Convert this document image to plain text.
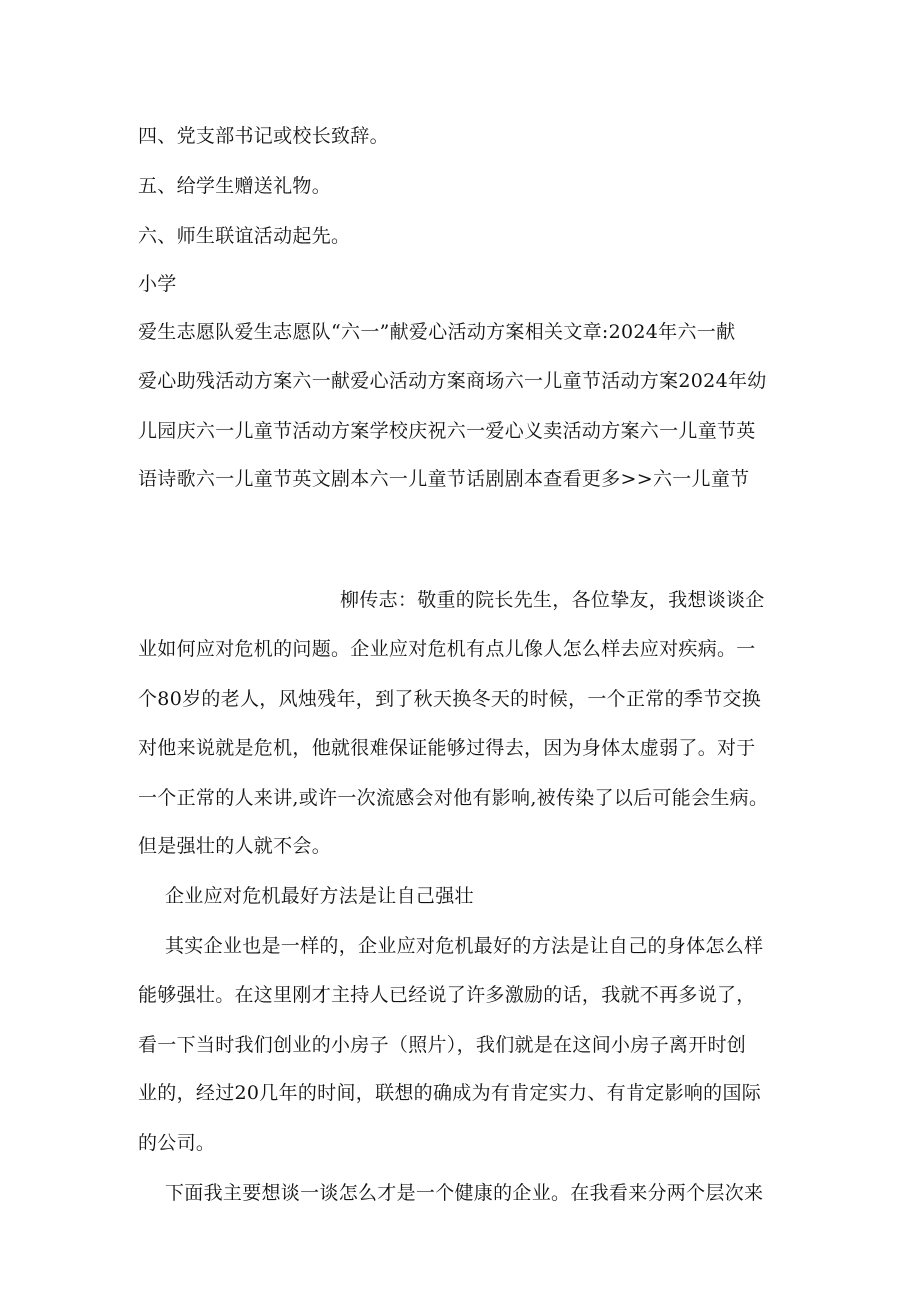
四、党支部书记或校长致辞。
五、给学生赠送礼物。
六、师生联谊活动起先。
小学
爱生志愿队爱生志愿队“六一”献爱心活动方案相关文章:2024年六一献
爱心助残活动方案六一献爱心活动方案商场六一儿童节活动方案2024年幼
儿园庆六一儿童节活动方案学校庆祝六一爱心义卖活动方案六一儿童节英
语诗歌六一儿童节英文剧本六一儿童节话剧剧本查看更多>>六一儿童节
柳传志：敬重的院长先生，各位挚友，我想谈谈企
业如何应对危机的问题。企业应对危机有点儿像人怎么样去应对疾病。一
个80岁的老人，风烛残年，到了秋天换冬天的时候，一个正常的季节交换
对他来说就是危机，他就很难保证能够过得去，因为身体太虚弱了。对于
一个正常的人来讲,或许一次流感会对他有影响,被传染了以后可能会生病。
但是强壮的人就不会。
企业应对危机最好方法是让自己强壮
其实企业也是一样的，企业应对危机最好的方法是让自己的身体怎么样
能够强壮。在这里刚才主持人已经说了许多激励的话，我就不再多说了，
看一下当时我们创业的小房子（照片），我们就是在这间小房子离开时创
业的，经过20几年的时间，联想的确成为有肯定实力、有肯定影响的国际
的公司。
下面我主要想谈一谈怎么才是一个健康的企业。在我看来分两个层次来
